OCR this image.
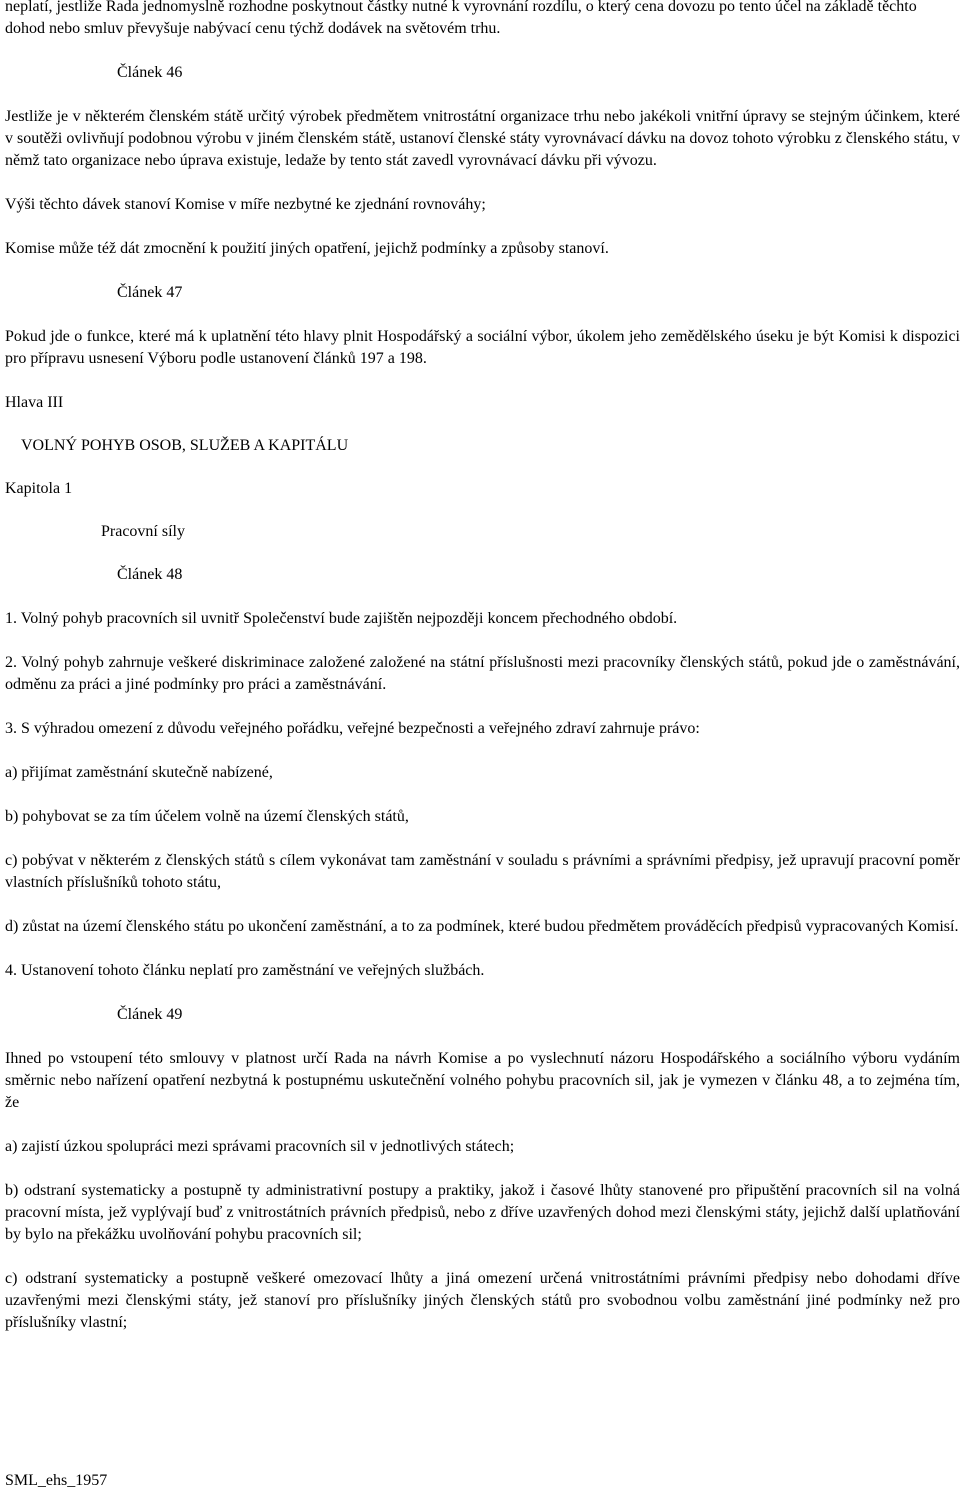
neplatí, jestliže Rada jednomyslně rozhodne poskytnout částky nutné k vyrovnání rozdílu, o který cena dovozu po tento účel na základě těchto dohod nebo smluv převyšuje nabývací cenu týchž dodávek na světovém trhu.

Článek 46

Jestliže je v některém členském státě určitý výrobek předmětem vnitrostátní organizace trhu nebo jakékoli vnitřní úpravy se stejným účinkem, které v soutěži ovlivňují podobnou výrobu v jiném členském státě, ustanoví členské státy vyrovnávací dávku na dovoz tohoto výrobku z členského státu, v němž tato organizace nebo úprava existuje, ledaže by tento stát zavedl vyrovnávací dávku při vývozu.

Výši těchto dávek stanoví Komise v míře nezbytné ke zjednání rovnováhy;

Komise může též dát zmocnění k použití jiných opatření, jejichž podmínky a způsoby stanoví.

Článek 47

Pokud jde o funkce, které má k uplatnění této hlavy plnit Hospodářský a sociální výbor, úkolem jeho zemědělského úseku je být Komisi k dispozici pro přípravu usnesení Výboru podle ustanovení článků 197 a 198.

Hlava III

VOLNÝ POHYB OSOB, SLUŽEB A KAPITÁLU

Kapitola 1

Pracovní síly

Článek 48

1. Volný pohyb pracovních sil uvnitř Společenství bude zajištěn nejpozději koncem přechodného období.

2. Volný pohyb zahrnuje veškeré diskriminace založené založené na státní příslušnosti mezi pracovníky členských států, pokud jde o zaměstnávání, odměnu za práci a jiné podmínky pro práci a zaměstnávání.

3. S výhradou omezení z důvodu veřejného pořádku, veřejné bezpečnosti a veřejného zdraví zahrnuje právo:

a) přijímat zaměstnání skutečně nabízené,

b) pohybovat se za tím účelem volně na území členských států,

c) pobývat v některém z členských států s cílem vykonávat tam zaměstnání v souladu s právními a správními předpisy, jež upravují pracovní poměr vlastních příslušníků tohoto státu,

d) zůstat na území členského státu po ukončení zaměstnání, a to za podmínek, které budou předmětem prováděcích předpisů vypracovaných Komisí.

4. Ustanovení tohoto článku neplatí pro zaměstnání ve veřejných službách.

Článek 49

Ihned po vstoupení této smlouvy v platnost určí Rada na návrh Komise a po vyslechnutí názoru Hospodářského a sociálního výboru vydáním směrnic nebo nařízení opatření nezbytná k postupnému uskutečnění volného pohybu pracovních sil, jak je vymezen v článku 48, a to zejména tím, že

a) zajistí úzkou spolupráci mezi správami pracovních sil v jednotlivých státech;

b) odstraní systematicky a postupně ty administrativní postupy a praktiky, jakož i časové lhůty stanovené pro připuštění pracovních sil na volná pracovní místa, jež vyplývají buď z vnitrostátních právních předpisů, nebo z dříve uzavřených dohod mezi členskými státy, jejichž další uplatňování by bylo na překážku uvolňování pohybu pracovních sil;

c) odstraní systematicky a postupně veškeré omezovací lhůty a jiná omezení určená vnitrostátními právními předpisy nebo dohodami dříve uzavřenými mezi členskými státy, jež stanoví pro příslušníky jiných členských států pro svobodnou volbu zaměstnání jiné podmínky než pro příslušníky vlastní;

SML_ehs_1957
